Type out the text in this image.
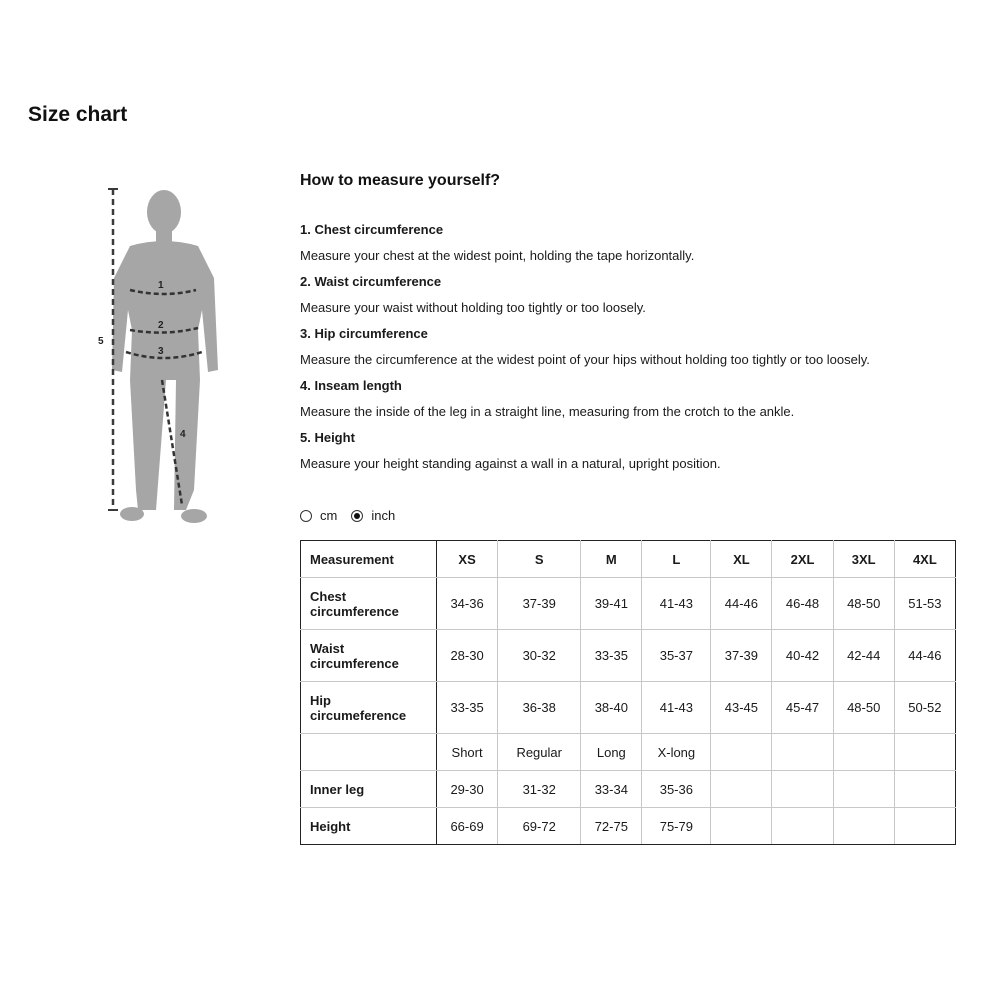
Size chart
1
2
3
4
5
How to measure yourself?

1. Chest circumference

Measure your chest at the widest point, holding the tape horizontally.

2. Waist circumference

Measure your waist without holding too tightly or too loosely.

3. Hip circumference

Measure the circumference at the widest point of your hips without holding too tightly or too loosely.

4. Inseam length

Measure the inside of the leg in a straight line, measuring from the crotch to the ankle.

5. Height

Measure your height standing against a wall in a natural, upright position.

cm	inch
Measurement	XS	S	M	L	XL	2XL	3XL	4XL

Chest
circumference	34-36	37-39	39-41	41-43	44-46	46-48	48-50	51-53

Waist
circumference	28-30	30-32	33-35	35-37	37-39	40-42	42-44	44-46

Hip
circumeference	33-35	36-38	38-40	41-43	43-45	45-47	48-50	50-52

	Short	Regular	Long	X-long				

Inner leg	29-30	31-32	33-34	35-36				

Height	66-69	69-72	72-75	75-79				
